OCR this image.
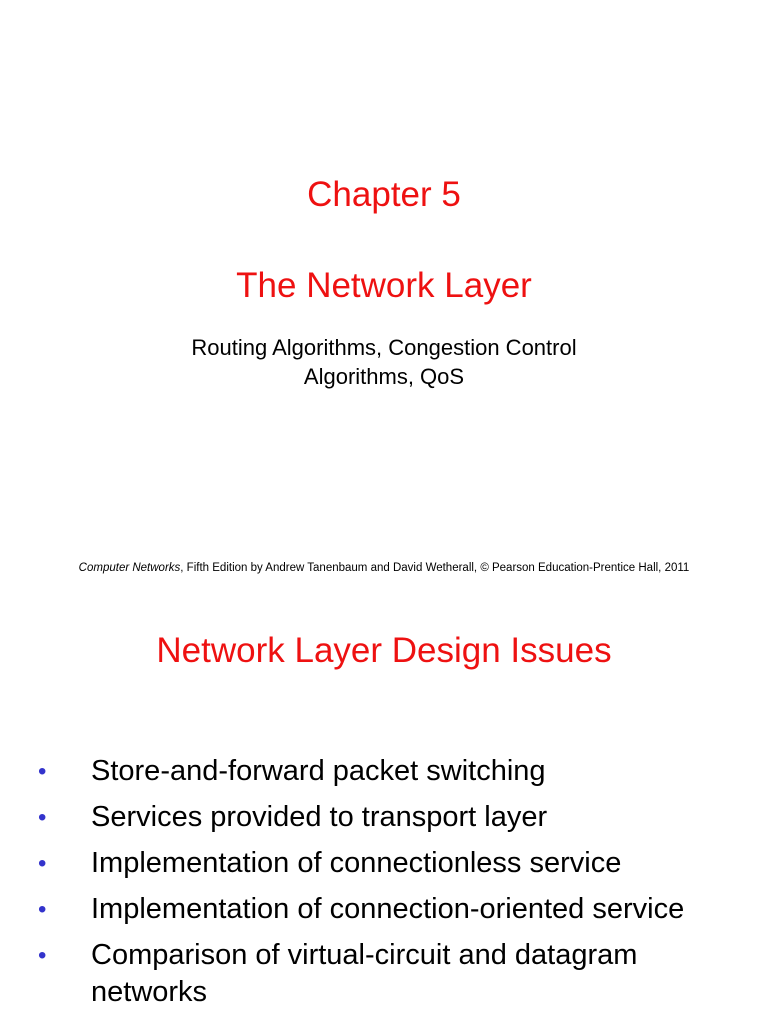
Chapter 5
The Network Layer
Routing Algorithms, Congestion Control
Algorithms, QoS
Computer Networks, Fifth Edition by Andrew Tanenbaum and David Wetherall, © Pearson Education-Prentice Hall, 2011
Network Layer Design Issues
• Store-and-forward packet switching
• Services provided to transport layer
• Implementation of connectionless service
• Implementation of connection-oriented service
• Comparison of virtual-circuit and datagram networks
